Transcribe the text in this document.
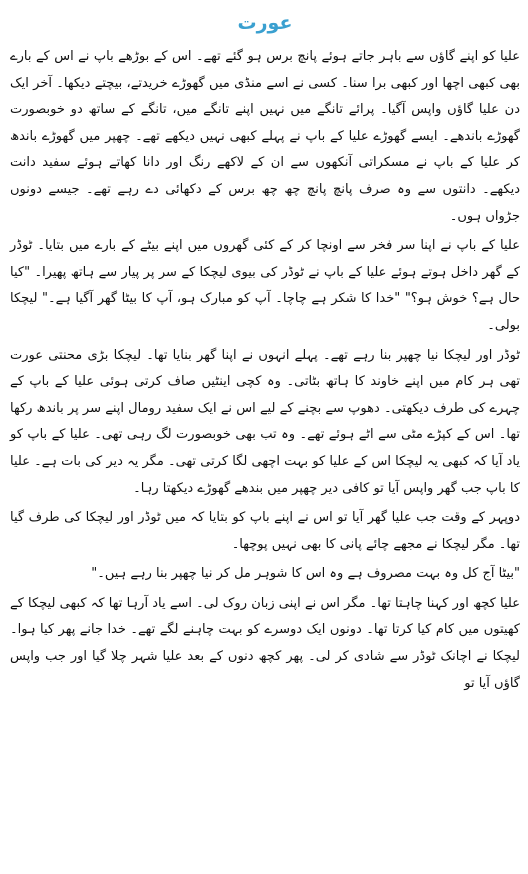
عورت

علیا کو اپنے گاؤں سے باہر جاتے ہوئے پانچ برس ہو گئے تھے۔ اس کے بوڑھے باپ نے اس کے بارے بھی کبھی اچھا اور کبھی برا سنا۔ کسی نے اسے منڈی میں گھوڑے خریدتے، بیچتے دیکھا۔ آخر ایک دن علیا گاؤں واپس آگیا۔ پرائے تانگے میں نہیں اپنے تانگے میں، تانگے کے ساتھ دو خوبصورت گھوڑے باندھے۔ ایسے گھوڑے علیا کے باپ نے پہلے کبھی نہیں دیکھے تھے۔ چھپر میں گھوڑے باندھ کر علیا کے باپ نے مسکراتی آنکھوں سے ان کے لاکھے رنگ اور دانا کھاتے ہوئے سفید دانت دیکھے۔ دانتوں سے وہ صرف پانچ پانچ چھ چھ برس کے دکھائی دے رہے تھے۔ جیسے دونوں جڑواں ہوں۔

علیا کے باپ نے اپنا سر فخر سے اونچا کر کے کئی گھروں میں اپنے بیٹے کے بارے میں بتایا۔ ٹوڈر کے گھر داخل ہوتے ہوئے علیا کے باپ نے ٹوڈر کی بیوی لیچکا کے سر پر پیار سے ہاتھ پھیرا۔ "کیا حال ہے؟ خوش ہو؟" "خدا کا شکر ہے چاچا۔ آپ کو مبارک ہو، آپ کا بیٹا گھر آگیا ہے۔" لیچکا بولی۔

ٹوڈر اور لیچکا نیا چھپر بنا رہے تھے۔ پہلے انہوں نے اپنا گھر بنایا تھا۔ لیچکا بڑی محنتی عورت تھی ہر کام میں اپنے خاوند کا ہاتھ بٹاتی۔ وہ کچی اینٹیں صاف کرتی ہوئی علیا کے باپ کے چہرے کی طرف دیکھتی۔ دھوپ سے بچنے کے لیے اس نے ایک سفید رومال اپنے سر پر باندھ رکھا تھا۔ اس کے کپڑے مٹی سے اٹے ہوئے تھے۔ وہ تب بھی خوبصورت لگ رہی تھی۔ علیا کے باپ کو یاد آیا کہ کبھی یہ لیچکا اس کے علیا کو بہت اچھی لگا کرتی تھی۔ مگر یہ دیر کی بات ہے۔ علیا کا باپ جب گھر واپس آیا تو کافی دیر چھپر میں بندھے گھوڑے دیکھتا رہا۔

دوپہر کے وقت جب علیا گھر آیا تو اس نے اپنے باپ کو بتایا کہ میں ٹوڈر اور لیچکا کی طرف گیا تھا۔ مگر لیچکا نے مجھے چائے پانی کا بھی نہیں پوچھا۔

"بیٹا آج کل وہ بہت مصروف ہے وہ اس کا شوہر مل کر نیا چھپر بنا رہے ہیں۔"

علیا کچھ اور کہنا چاہتا تھا۔ مگر اس نے اپنی زبان روک لی۔ اسے یاد آرہا تھا کہ کبھی لیچکا کے کھیتوں میں کام کیا کرتا تھا۔ دونوں ایک دوسرے کو بہت چاہنے لگے تھے۔ خدا جانے پھر کیا ہوا۔ لیچکا نے اچانک ٹوڈر سے شادی کر لی۔ پھر کچھ دنوں کے بعد علیا شہر چلا گیا اور جب واپس گاؤں آیا تو
